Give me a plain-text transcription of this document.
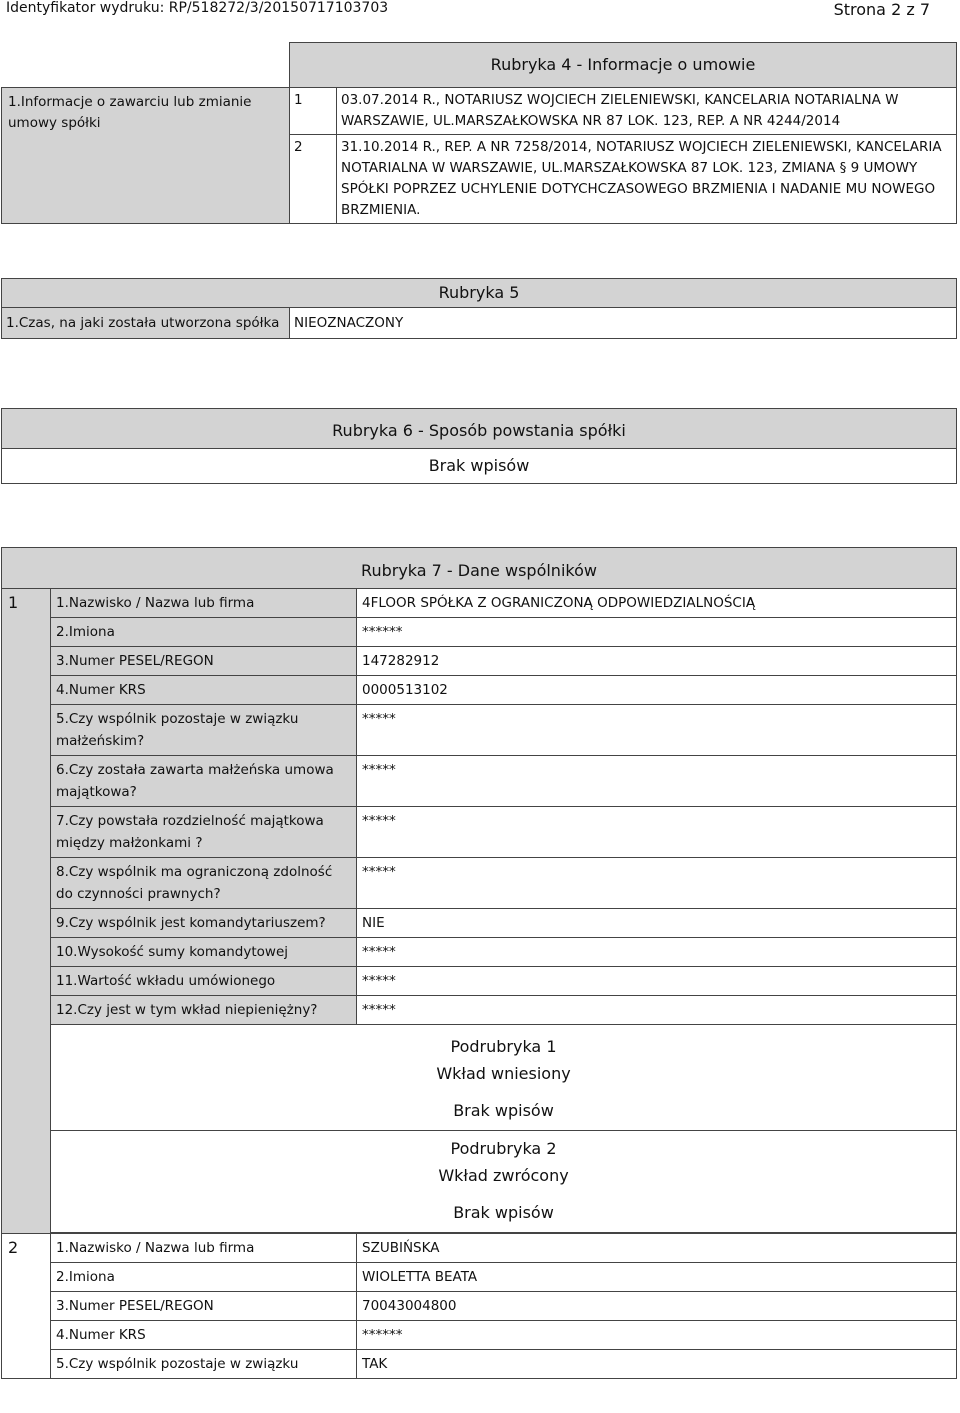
Identyfikator wydruku: RP/518272/3/20150717103703	Strona 2 z 7
	Rubryka 4 - Informacje o umowie	
1.Informacje o zawarciu lub zmianie umowy spółki	1	03.07.2014 R., NOTARIUSZ WOJCIECH ZIELENIEWSKI, KANCELARIA NOTARIALNA W WARSZAWIE, UL.MARSZAŁKOWSKA NR 87 LOK. 123, REP. A NR 4244/2014
	2	31.10.2014 R., REP. A NR 7258/2014, NOTARIUSZ WOJCIECH ZIELENIEWSKI, KANCELARIA NOTARIALNA W WARSZAWIE, UL.MARSZAŁKOWSKA 87 LOK. 123, ZMIANA § 9 UMOWY SPÓŁKI POPRZEZ UCHYLENIE DOTYCHCZASOWEGO BRZMIENIA I NADANIE MU NOWEGO BRZMIENIA.
Rubryka 5
1.Czas, na jaki została utworzona spółka	NIEOZNACZONY
Rubryka 6 - Sposób powstania spółki
Brak wpisów
Rubryka 7 - Dane wspólników		
1	1.Nazwisko / Nazwa lub firma	4FLOOR SPÓŁKA Z OGRANICZONĄ ODPOWIEDZIALNOŚCIĄ
	2.Imiona	******
	3.Numer PESEL/REGON	147282912
	4.Numer KRS	0000513102
	5.Czy wspólnik pozostaje w związku małżeńskim?	*****
	6.Czy została zawarta małżeńska umowa majątkowa?	*****
	7.Czy powstała rozdzielność majątkowa między małżonkami ?	*****
	8.Czy wspólnik ma ograniczoną zdolność do czynności prawnych?	*****
	9.Czy wspólnik jest komandytariuszem?	NIE
	10.Wysokość sumy komandytowej	*****
	11.Wartość wkładu umówionego	*****
	12.Czy jest w tym wkład niepieniężny?	*****

	Podrubryka 1
Wkład wniesiony
Brak wpisów	

	Podrubryka 2
Wkład zwrócony
Brak wpisów	

2	1.Nazwisko / Nazwa lub firma	SZUBIŃSKA
	2.Imiona	WIOLETTA BEATA
	3.Numer PESEL/REGON	70043004800
	4.Numer KRS	******
	5.Czy wspólnik pozostaje w związku	TAK
